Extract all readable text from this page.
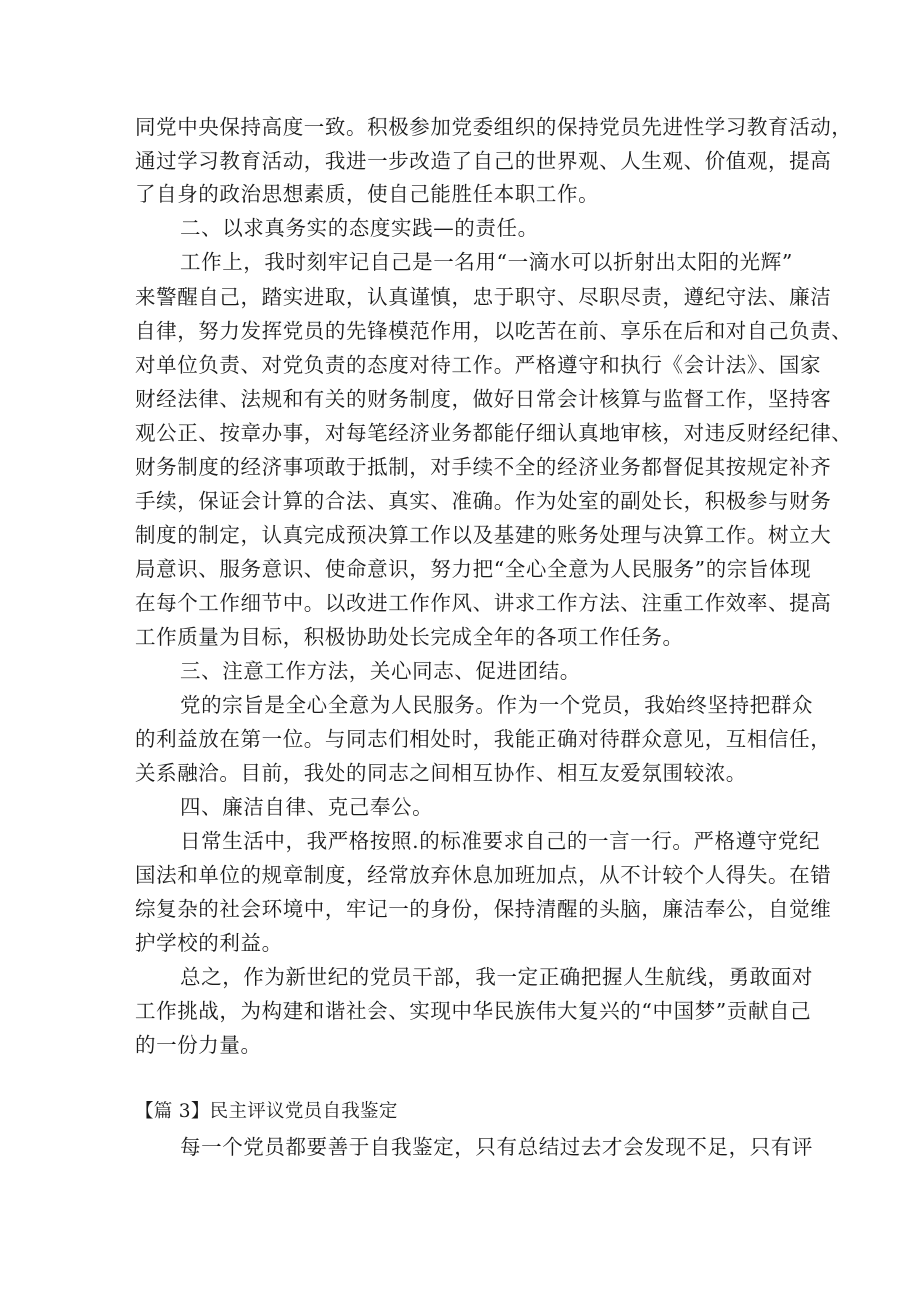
同党中央保持高度一致。积极参加党委组织的保持党员先进性学习教育活动，
通过学习教育活动，我进一步改造了自己的世界观、人生观、价值观，提高
了自身的政治思想素质，使自己能胜任本职工作。
二、以求真务实的态度实践—的责任。
工作上，我时刻牢记自己是一名用“一滴水可以折射出太阳的光辉”
来警醒自己，踏实进取，认真谨慎，忠于职守、尽职尽责，遵纪守法、廉洁
自律，努力发挥党员的先锋模范作用，以吃苦在前、享乐在后和对自己负责、
对单位负责、对党负责的态度对待工作。严格遵守和执行《会计法》、国家
财经法律、法规和有关的财务制度，做好日常会计核算与监督工作，坚持客
观公正、按章办事，对每笔经济业务都能仔细认真地审核，对违反财经纪律、
财务制度的经济事项敢于抵制，对手续不全的经济业务都督促其按规定补齐
手续，保证会计算的合法、真实、准确。作为处室的副处长，积极参与财务
制度的制定，认真完成预决算工作以及基建的账务处理与决算工作。树立大
局意识、服务意识、使命意识，努力把“全心全意为人民服务”的宗旨体现
在每个工作细节中。以改进工作作风、讲求工作方法、注重工作效率、提高
工作质量为目标，积极协助处长完成全年的各项工作任务。
三、注意工作方法，关心同志、促进团结。
党的宗旨是全心全意为人民服务。作为一个党员，我始终坚持把群众
的利益放在第一位。与同志们相处时，我能正确对待群众意见，互相信任，
关系融洽。目前，我处的同志之间相互协作、相互友爱氛围较浓。
四、廉洁自律、克己奉公。
日常生活中，我严格按照.的标准要求自己的一言一行。严格遵守党纪
国法和单位的规章制度，经常放弃休息加班加点，从不计较个人得失。在错
综复杂的社会环境中，牢记一的身份，保持清醒的头脑，廉洁奉公，自觉维
护学校的利益。
总之，作为新世纪的党员干部，我一定正确把握人生航线，勇敢面对
工作挑战，为构建和谐社会、实现中华民族伟大复兴的“中国梦”贡献自己
的一份力量。
【篇 3】民主评议党员自我鉴定
每一个党员都要善于自我鉴定，只有总结过去才会发现不足，只有评
